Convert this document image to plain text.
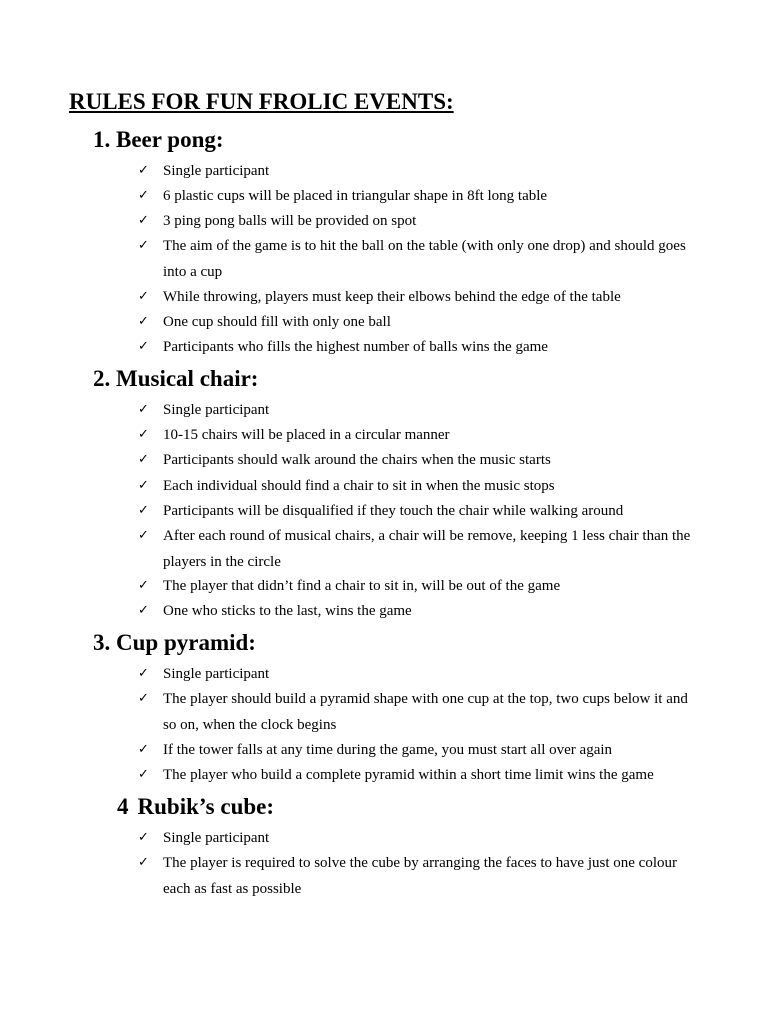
RULES FOR FUN FROLIC EVENTS:
1. Beer pong:
✓ Single participant
✓ 6 plastic cups will be placed in triangular shape in 8ft long table
✓ 3 ping pong balls will be provided on spot
✓ The aim of the game is to hit the ball on the table (with only one drop) and should goes into a cup
✓ While throwing, players must keep their elbows behind the edge of the table
✓ One cup should fill with only one ball
✓ Participants who fills the highest number of balls wins the game
2. Musical chair:
✓ Single participant
✓ 10-15 chairs will be placed in a circular manner
✓ Participants should walk around the chairs when the music starts
✓ Each individual should find a chair to sit in when the music stops
✓ Participants will be disqualified if they touch the chair while walking around
✓ After each round of musical chairs, a chair will be remove, keeping 1 less chair than the players in the circle
✓ The player that didn’t find a chair to sit in, will be out of the game
✓ One who sticks to the last, wins the game
3. Cup pyramid:
✓ Single participant
✓ The player should build a pyramid shape with one cup at the top, two cups below it and so on, when the clock begins
✓ If the tower falls at any time during the game, you must start all over again
✓ The player who build a complete pyramid within a short time limit wins the game
4 Rubik’s cube:
✓ Single participant
✓ The player is required to solve the cube by arranging the faces to have just one colour each as fast as possible
